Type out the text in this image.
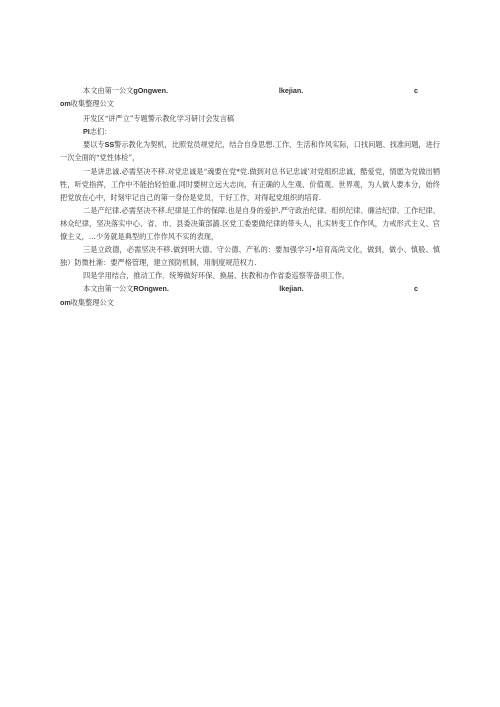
本文由第一公文gOngwen.	lkejian.	c
om收集整理公文

开发区“讲严立”专题警示教化学习研讨会发言稿

PI志们：

要以专SS警示教化为契机，比照党员规党纪，结合自身思想.工作、生活和作风实际，口找问题、找准问题，进行一次全面的“党性体检”，

一是讲忠诚.必需坚决不移.对党忠诚是“魂要在党*党.做到对总书记忠诚’对党组织忠诚，酷爱党，情愿为党做出牺牲，听党指挥，工作中不能抬轻怕重.同时要树立远大志向，有正确的人生观、价值观、世界观，为人做人要本分，始终把党放在心中，时刻牢记自己的第一身份是党员，干好工作，对得起党组织的培育.

二是产纪律.必需坚决不移.纪律是工作的保障.也是自身的爱护.严守政治纪律、组织纪律、廉洁纪律、工作纪律、林众纪律，坚决落实中心、省、市、县委决策部潞.区党工委要做纪律的带头人，扎实转变工作作风，力戒形式主义、官僚主义，…少务就是典型的工作作风不实的表现，

三是立政德，必需坚决不移.做到明大德、守公德、产私的：要加强学习•培育高尚文化，做到，做小、慎般、慎独）防微杜渐：要严格管理，建立预防机制，用制度规范权力.

四是学用结合，推动工作．统筹做好环保、换届、扶教和办作省委巡察等备项工作。

本文由第一公文ROngwen.	lkejian.	c
om收集整理公文
